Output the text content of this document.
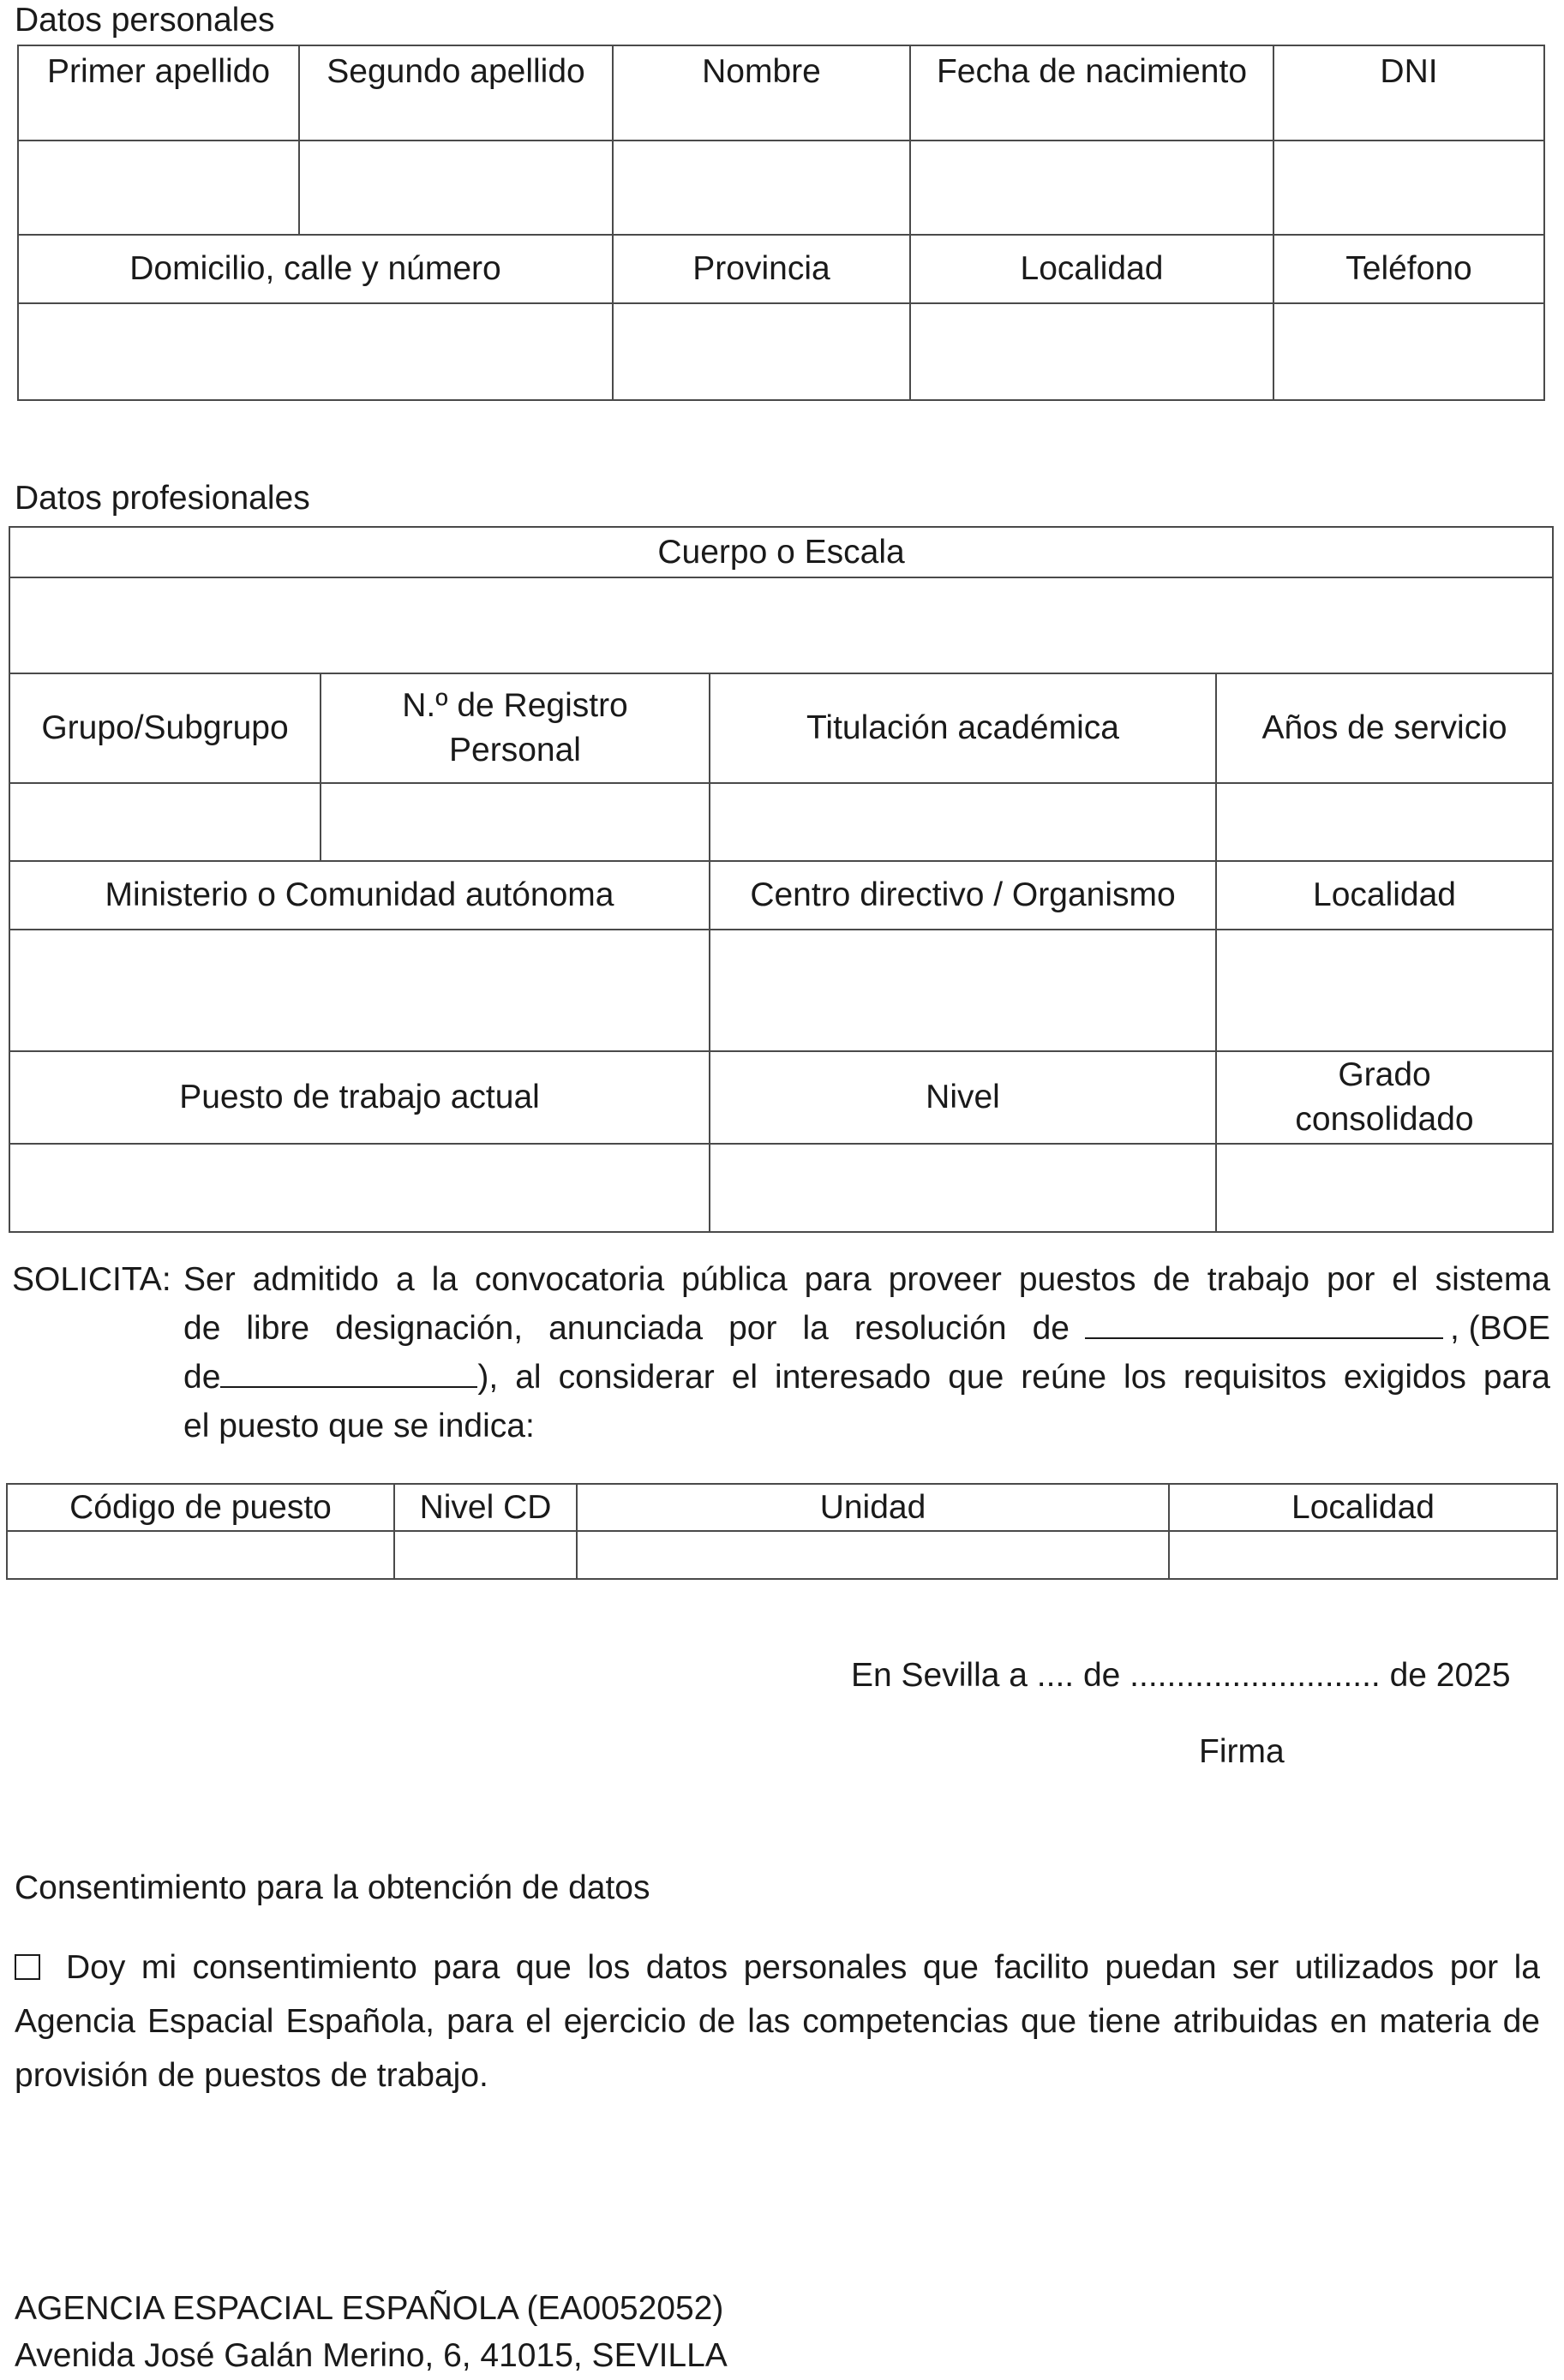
Datos personales
Primer apellido	Segundo apellido	Nombre	Fecha de nacimiento	DNI

Domicilio, calle y número		Provincia	Localidad	Teléfono

Datos profesionales
Cuerpo o Escala			

Grupo/Subgrupo	N.º de Registro Personal	Titulación académica	Años de servicio

Ministerio o Comunidad autónoma		Centro directivo / Organismo	Localidad

Puesto de trabajo actual		Nivel	Grado consolidado

SOLICITA: Ser admitido a la convocatoria pública para proveer puestos de trabajo por el sistema
de libre designación, anunciada por la resolución de	, (BOE
de	), al considerar el interesado que reúne los requisitos exigidos para
el puesto que se indica:
Código de puesto	Nivel CD	Unidad	Localidad

En Sevilla a .... de ........................... de 2025
Firma
Consentimiento para la obtención de datos
Doy mi consentimiento para que los datos personales que facilito puedan ser utilizados por la Agencia Espacial Española, para el ejercicio de las competencias que tiene atribuidas en materia de provisión de puestos de trabajo.
AGENCIA ESPACIAL ESPAÑOLA (EA0052052)
Avenida José Galán Merino, 6, 41015, SEVILLA
